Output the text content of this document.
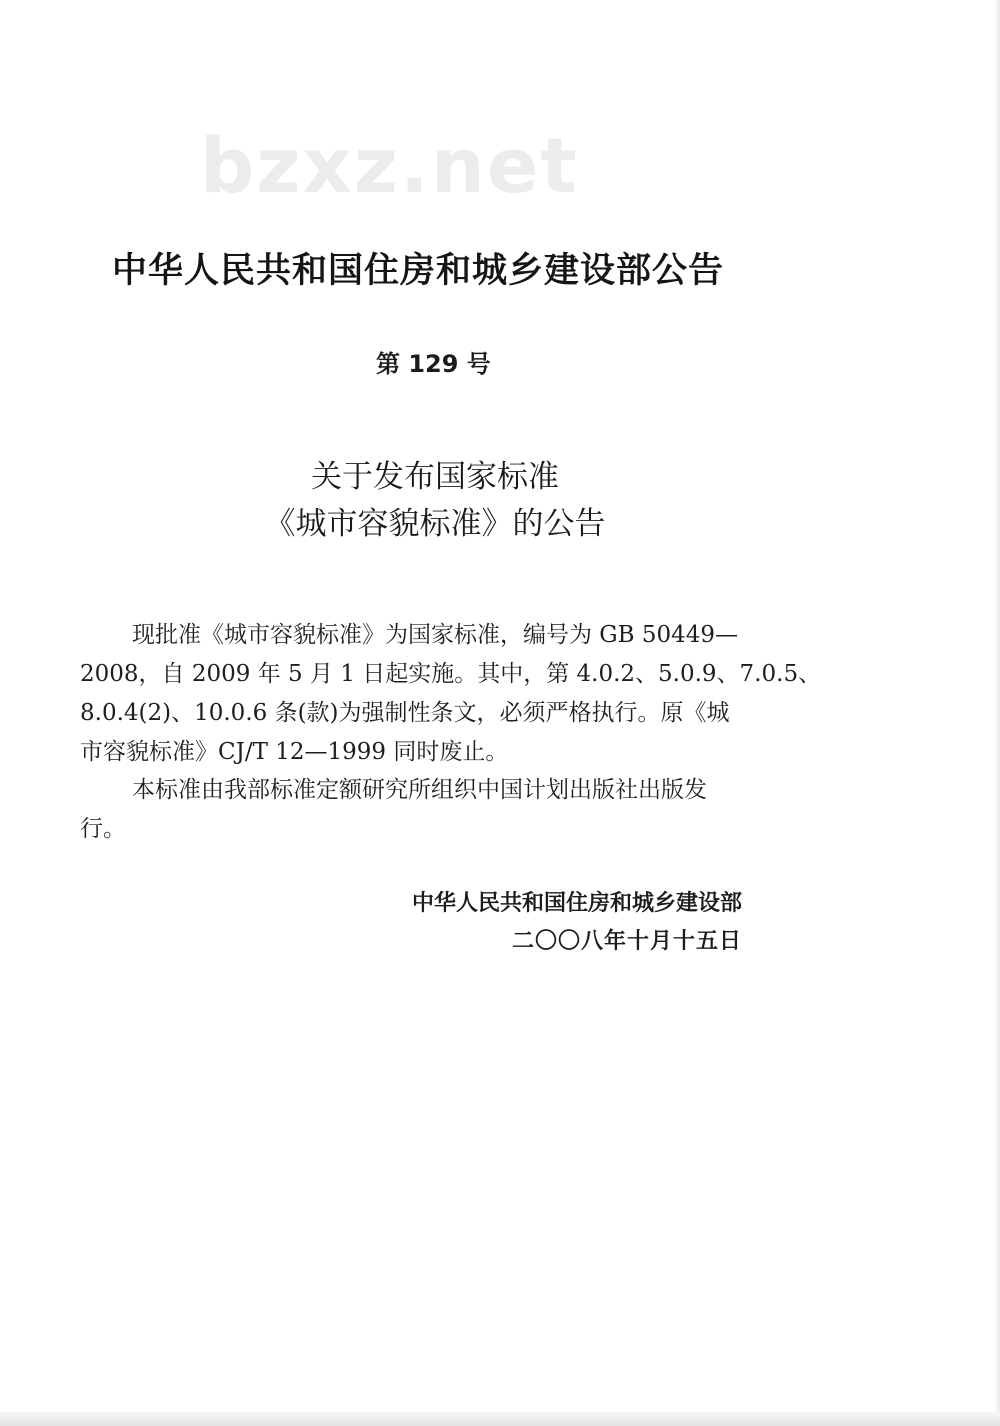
bzxz.net
中华人民共和国住房和城乡建设部公告
第 129 号
关于发布国家标准
《城市容貌标准》的公告
现批准《城市容貌标准》为国家标准，编号为 GB 50449—
2008，自 2009 年 5 月 1 日起实施。其中，第 4.0.2、5.0.9、7.0.5、
8.0.4(2)、10.0.6 条(款)为强制性条文，必须严格执行。原《城
市容貌标准》CJ/T 12—1999 同时废止。
本标准由我部标准定额研究所组织中国计划出版社出版发
行。
中华人民共和国住房和城乡建设部
二〇〇八年十月十五日
